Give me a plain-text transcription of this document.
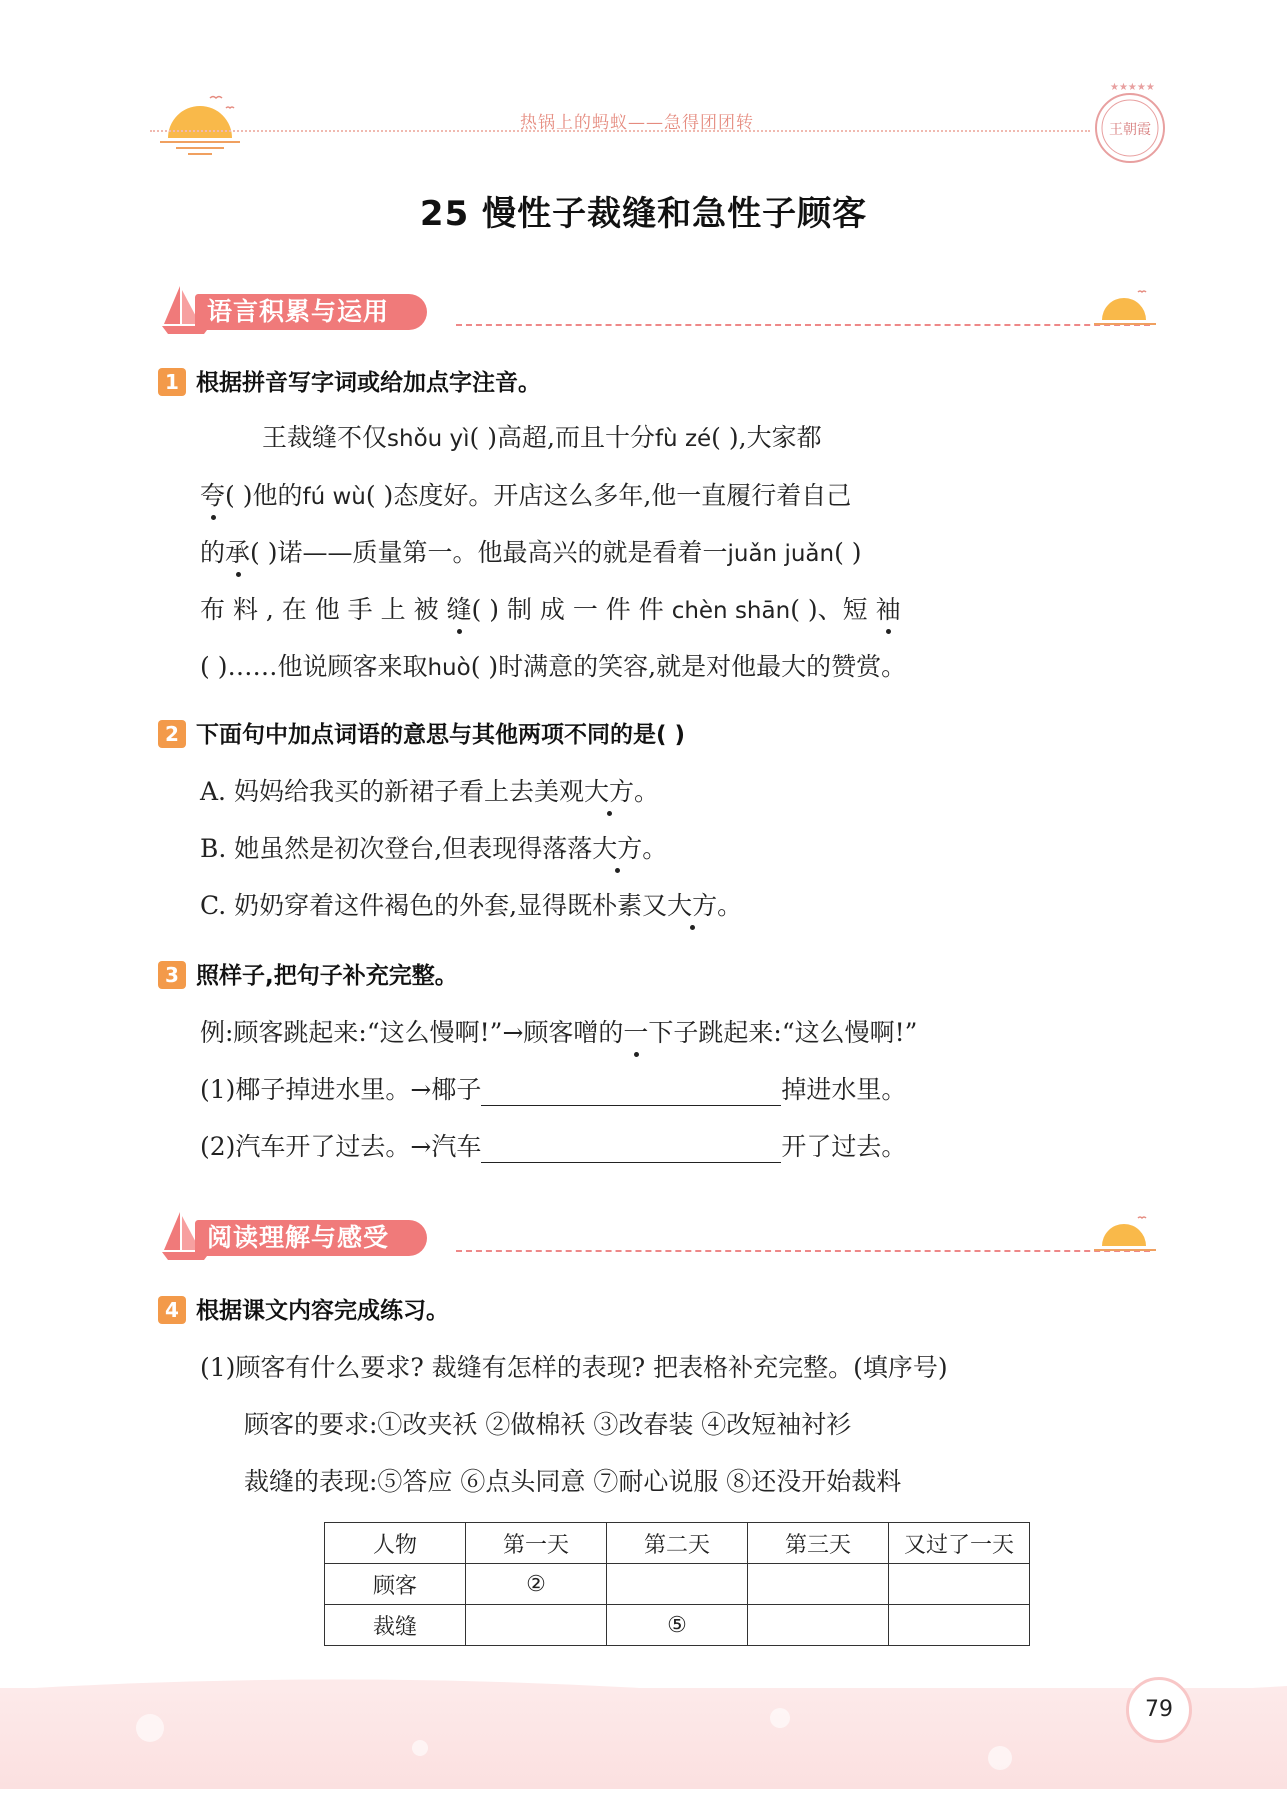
热锅上的蚂蚁——急得团团转
★★★★★
王朝霞
25 慢性子裁缝和急性子顾客
语言积累与运用
1 根据拼音写字词或给加点字注音。
王裁缝不仅shǒu yì( )高超,而且十分fù zé( ),大家都
夸( )他的fú wù( )态度好。开店这么多年,他一直履行着自己
的承( )诺——质量第一。他最高兴的就是看着一juǎn juǎn( )
布 料 , 在 他 手 上 被 缝( ) 制 成 一 件 件 chèn shān( )、短 袖
( )……他说顾客来取huò( )时满意的笑容,就是对他最大的赞赏。
2 下面句中加点词语的意思与其他两项不同的是( )
A. 妈妈给我买的新裙子看上去美观大方。
B. 她虽然是初次登台,但表现得落落大方。
C. 奶奶穿着这件褐色的外套,显得既朴素又大方。
3 照样子,把句子补充完整。
例:顾客跳起来:“这么慢啊!”→顾客噌的一下子跳起来:“这么慢啊!”
(1)椰子掉进水里。→椰子	掉进水里。
(2)汽车开了过去。→汽车	开了过去。
阅读理解与感受
4 根据课文内容完成练习。
(1)顾客有什么要求? 裁缝有怎样的表现? 把表格补充完整。(填序号)
顾客的要求:①改夹袄 ②做棉袄 ③改春装 ④改短袖衬衫
裁缝的表现:⑤答应 ⑥点头同意 ⑦耐心说服 ⑧还没开始裁料
人物	第一天	第二天	第三天	又过了一天
顾客	②			
裁缝		⑤		
79
